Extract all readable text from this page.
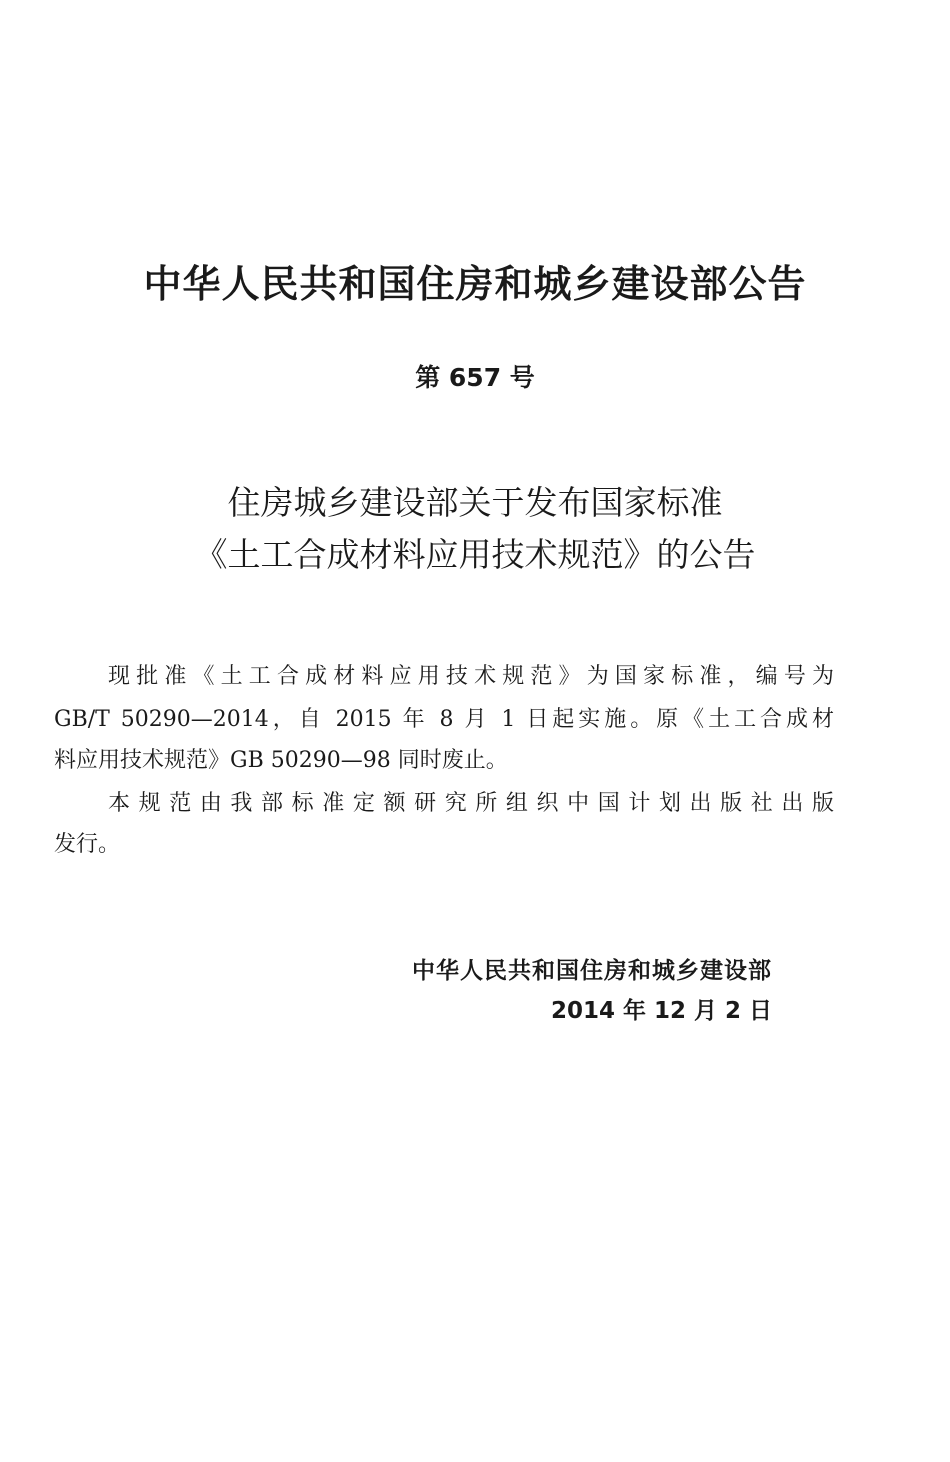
中华人民共和国住房和城乡建设部公告
第 657 号
住房城乡建设部关于发布国家标准
《土工合成材料应用技术规范》的公告
现批准《土工合成材料应用技术规范》为国家标准，编号为
GB/T 50290—2014，自 2015 年 8 月 1 日起实施。原《土工合成材
料应用技术规范》GB 50290—98 同时废止。
本规范由我部标准定额研究所组织中国计划出版社出版
发行。
中华人民共和国住房和城乡建设部
2014 年 12 月 2 日
